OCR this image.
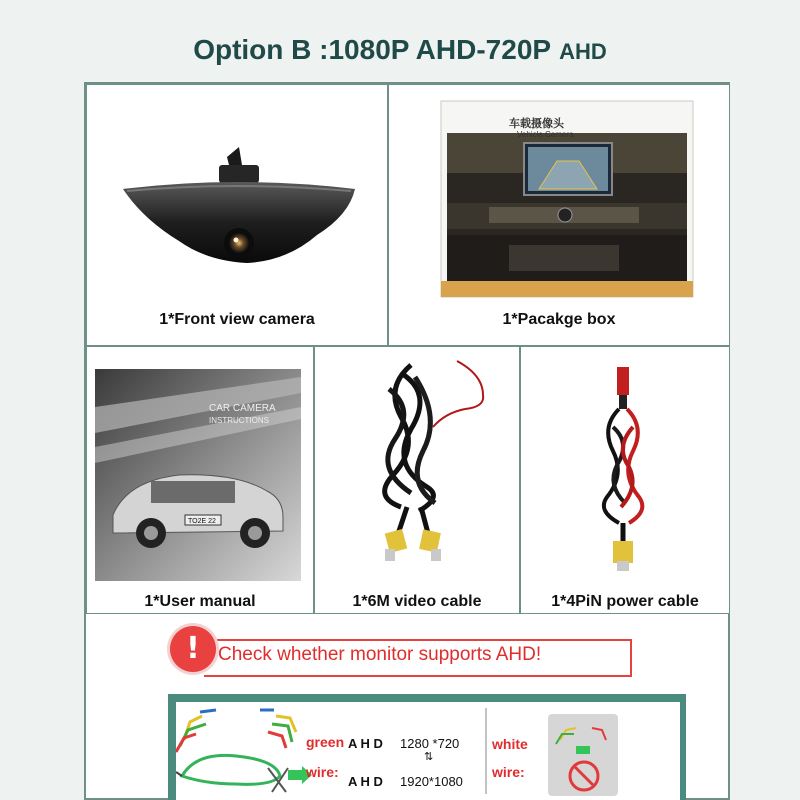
Option B :1080P AHD-720P AHD
1*Front view camera
车载摄像头
Vehicle Camera
1*Pacakge box
TO2E 22
CAR CAMERA
INSTRUCTIONS
1*User manual	1*6M video cable	1*4PiN power cable
Check whether monitor supports AHD!
!
green A H D 1280 *720
⇅
wire:
A H D 1920*1080
white
wire:
